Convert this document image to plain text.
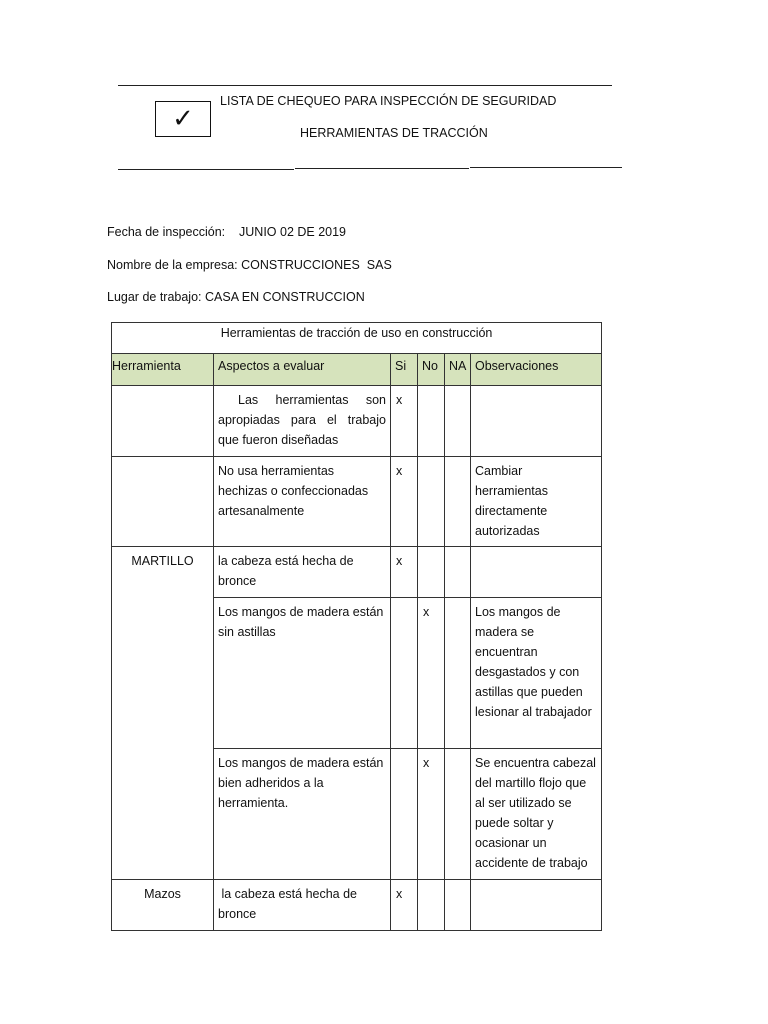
✓
LISTA DE CHEQUEO PARA INSPECCIÓN DE SEGURIDAD
HERRAMIENTAS DE TRACCIÓN
Fecha de inspección:    JUNIO 02 DE 2019
Nombre de la empresa: CONSTRUCCIONES  SAS
Lugar de trabajo: CASA EN CONSTRUCCION
Herramientas de tracción de uso en construcción					
Herramienta	Aspectos a evaluar	Si	No	NA	Observaciones
	Las herramientas son apropiadas para el trabajo que fueron diseñadas	x			
	No usa herramientas hechizas o confeccionadas artesanalmente	x			Cambiar herramientas directamente autorizadas
MARTILLO	la cabeza está hecha de bronce	x			
	Los mangos de madera están sin astillas		x		Los mangos de madera se encuentran desgastados y con astillas que pueden lesionar al trabajador
	Los mangos de madera están bien adheridos a la herramienta.		x		Se encuentra cabezal del martillo flojo que al ser utilizado se puede soltar y ocasionar un accidente de trabajo
Mazos	la cabeza está hecha de bronce	x			
